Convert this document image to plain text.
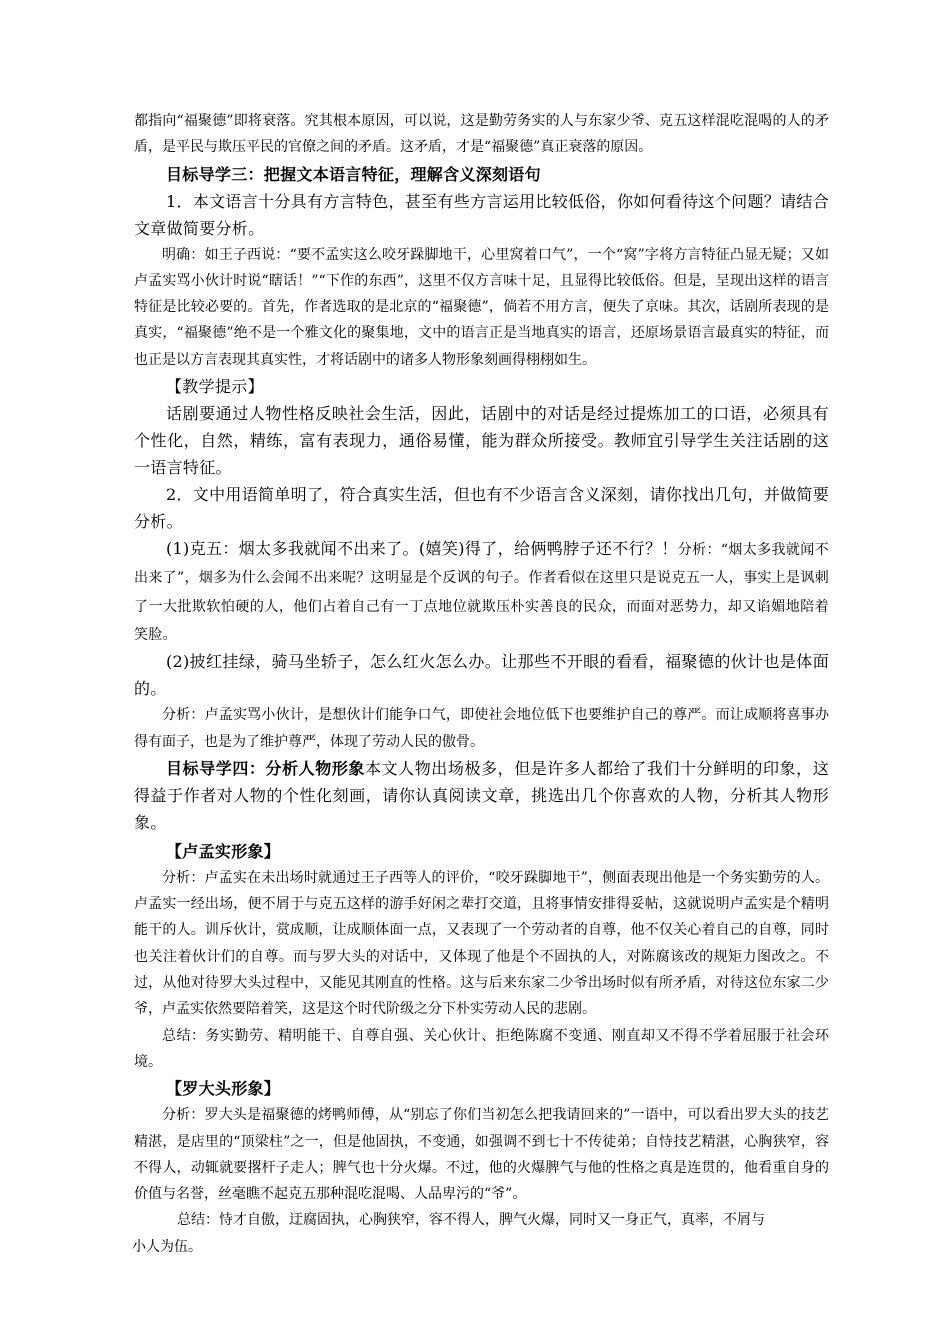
都指向“福聚德”即将衰落。究其根本原因，可以说，这是勤劳务实的人与东家少爷、克五这样混吃混喝的人的矛盾，是平民与欺压平民的官僚之间的矛盾。这矛盾，才是“福聚德”真正衰落的原因。

目标导学三：把握文本语言特征，理解含义深刻语句

1．本文语言十分具有方言特色，甚至有些方言运用比较低俗，你如何看待这个问题？请结合文章做简要分析。

明确：如王子西说：“要不孟实这么咬牙跺脚地干，心里窝着口气”，一个“窝”字将方言特征凸显无疑；又如卢孟实骂小伙计时说“瞎话！”“下作的东西”，这里不仅方言味十足，且显得比较低俗。但是，呈现出这样的语言特征是比较必要的。首先，作者选取的是北京的“福聚德”，倘若不用方言，便失了京味。其次，话剧所表现的是真实，“福聚德”绝不是一个雅文化的聚集地，文中的语言正是当地真实的语言，还原场景语言最真实的特征，而也正是以方言表现其真实性，才将话剧中的诸多人物形象刻画得栩栩如生。

【教学提示】

话剧要通过人物性格反映社会生活，因此，话剧中的对话是经过提炼加工的口语，必须具有个性化，自然，精练，富有表现力，通俗易懂，能为群众所接受。教师宜引导学生关注话剧的这一语言特征。

2．文中用语简单明了，符合真实生活，但也有不少语言含义深刻，请你找出几句，并做简要分析。

(1)克五：烟太多我就闻不出来了。(嬉笑)得了，给俩鸭脖子还不行？！分析：“烟太多我就闻不出来了”，烟多为什么会闻不出来呢？这明显是个反讽的句子。作者看似在这里只是说克五一人，事实上是讽刺了一大批欺软怕硬的人，他们占着自己有一丁点地位就欺压朴实善良的民众，而面对恶势力，却又谄媚地陪着笑脸。

(2)披红挂绿，骑马坐轿子，怎么红火怎么办。让那些不开眼的看看，福聚德的伙计也是体面的。

分析：卢孟实骂小伙计，是想伙计们能争口气，即使社会地位低下也要维护自己的尊严。而让成顺将喜事办得有面子，也是为了维护尊严，体现了劳动人民的傲骨。

目标导学四：分析人物形象本文人物出场极多，但是许多人都给了我们十分鲜明的印象，这得益于作者对人物的个性化刻画，请你认真阅读文章，挑选出几个你喜欢的人物，分析其人物形象。

【卢孟实形象】

分析：卢孟实在未出场时就通过王子西等人的评价，“咬牙跺脚地干”，侧面表现出他是一个务实勤劳的人。卢孟实一经出场，便不屑于与克五这样的游手好闲之辈打交道，且将事情安排得妥帖，这就说明卢孟实是个精明能干的人。训斥伙计，赏成顺，让成顺体面一点，又表现了一个劳动者的自尊，他不仅关心着自己的自尊，同时也关注着伙计们的自尊。而与罗大头的对话中，又体现了他是个不固执的人，对陈腐该改的规矩力图改之。不过，从他对待罗大头过程中，又能见其刚直的性格。这与后来东家二少爷出场时似有所矛盾，对待这位东家二少爷，卢孟实依然要陪着笑，这是这个时代阶级之分下朴实劳动人民的悲剧。

总结：务实勤劳、精明能干、自尊自强、关心伙计、拒绝陈腐不变通、刚直却又不得不学着屈服于社会环境。

【罗大头形象】

分析：罗大头是福聚德的烤鸭师傅，从“别忘了你们当初怎么把我请回来的”一语中，可以看出罗大头的技艺精湛，是店里的“顶梁柱”之一，但是他固执，不变通，如强调不到七十不传徒弟；自恃技艺精湛，心胸狭窄，容不得人，动辄就要撂杆子走人；脾气也十分火爆。不过，他的火爆脾气与他的性格之真是连贯的，他看重自身的价值与名誉，丝毫瞧不起克五那种混吃混喝、人品卑污的“爷”。

总结：恃才自傲，迂腐固执，心胸狭窄，容不得人，脾气火爆，同时又一身正气，真率，不屑与

小人为伍。
